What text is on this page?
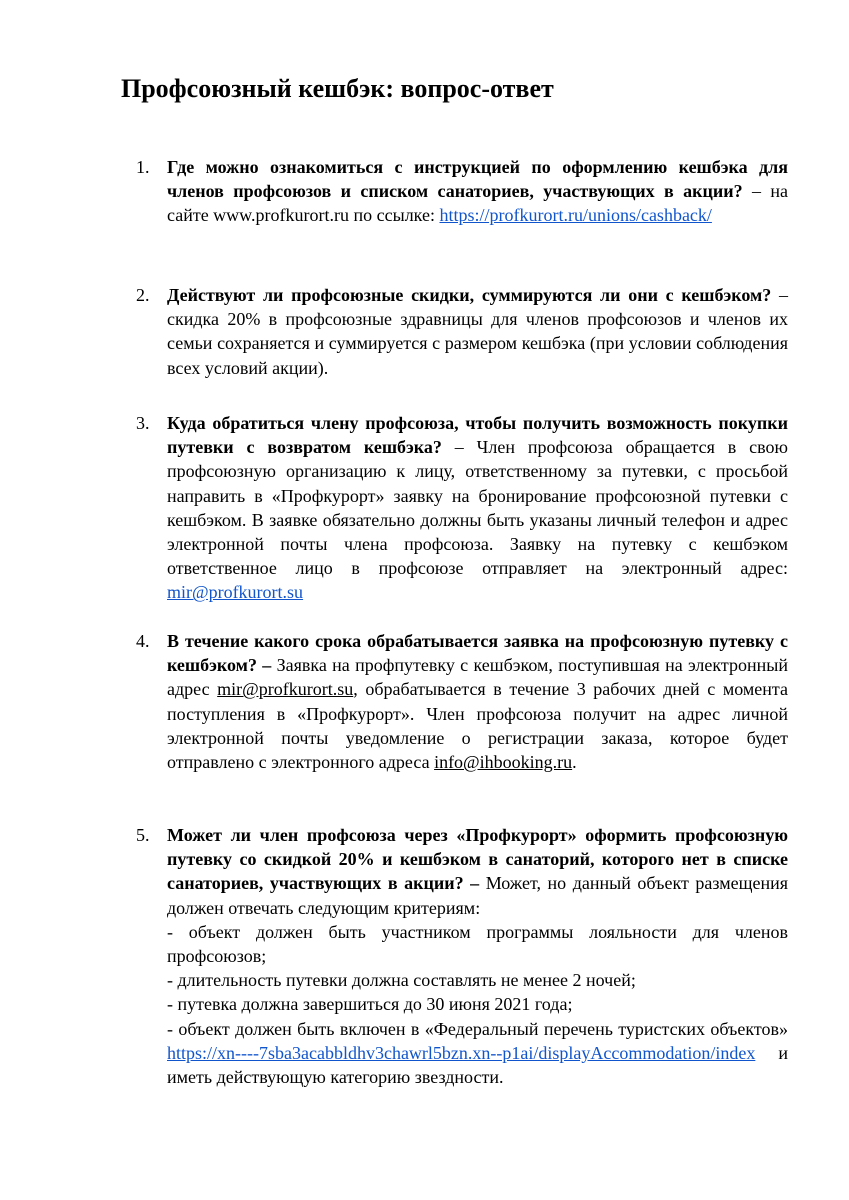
Профсоюзный кешбэк: вопрос-ответ
1. Где можно ознакомиться с инструкцией по оформлению кешбэка для членов профсоюзов и списком санаториев, участвующих в акции? – на сайте www.profkurort.ru по ссылке: https://profkurort.ru/unions/cashback/

2. Действуют ли профсоюзные скидки, суммируются ли они с кешбэком? – скидка 20% в профсоюзные здравницы для членов профсоюзов и членов их семьи сохраняется и суммируется с размером кешбэка (при условии соблюдения всех условий акции).

3. Куда обратиться члену профсоюза, чтобы получить возможность покупки путевки с возвратом кешбэка? – Член профсоюза обращается в свою профсоюзную организацию к лицу, ответственному за путевки, с просьбой направить в «Профкурорт» заявку на бронирование профсоюзной путевки с кешбэком. В заявке обязательно должны быть указаны личный телефон и адрес электронной почты члена профсоюза. Заявку на путевку с кешбэком ответственное лицо в профсоюзе отправляет на электронный адрес: mir@profkurort.su

4. В течение какого срока обрабатывается заявка на профсоюзную путевку с кешбэком? – Заявка на профпутевку с кешбэком, поступившая на электронный адрес mir@profkurort.su, обрабатывается в течение 3 рабочих дней с момента поступления в «Профкурорт». Член профсоюза получит на адрес личной электронной почты уведомление о регистрации заказа, которое будет отправлено с электронного адреса info@ihbooking.ru.

5. Может ли член профсоюза через «Профкурорт» оформить профсоюзную путевку со скидкой 20% и кешбэком в санаторий, которого нет в списке санаториев, участвующих в акции? – Может, но данный объект размещения должен отвечать следующим критериям:

- объект должен быть участником программы лояльности для членов профсоюзов;

- длительность путевки должна составлять не менее 2 ночей;

- путевка должна завершиться до 30 июня 2021 года;

- объект должен быть включен в «Федеральный перечень туристских объектов» https://xn----7sba3acabbldhv3chawrl5bzn.xn--p1ai/displayAccommodation/index и иметь действующую категорию звездности.
